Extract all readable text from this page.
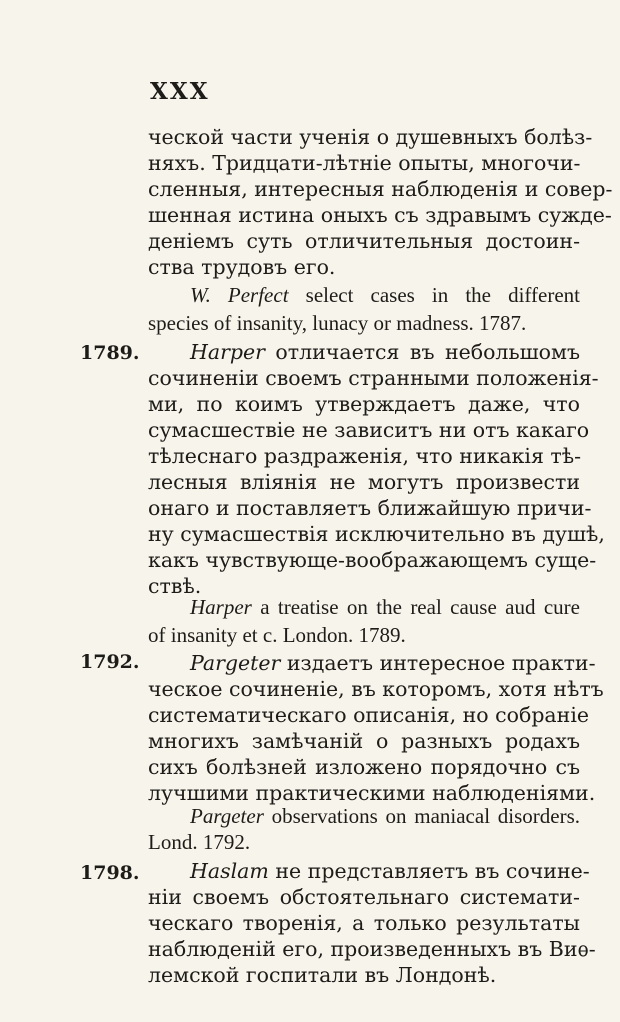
XXX
ческой части ученія о душевныхъ болѣз-
няхъ. Тридцати-лѣтніе опыты, многочи-
сленныя, интересныя наблюденія и совер-
шенная истина оныхъ съ здравымъ сужде-
деніемъ суть отличительныя достоин-
ства трудовъ его.
W. Perfect select cases in the different
species of insanity, lunacy or madness. 1787.
1789.	Harper отличается въ небольшомъ
сочиненіи своемъ странными положенія-
ми, по коимъ утверждаетъ даже, что
сумасшествіе не зависитъ ни отъ какаго
тѣлеснаго раздраженія, что никакія тѣ-
лесныя вліянія не могутъ произвести
онаго и поставляетъ ближайшую причи-
ну сумасшествія исключительно въ душѣ,
какъ чувствующе-воображающемъ суще-
ствѣ.
Harper a treatise on the real cause aud cure
of insanity et c. London. 1789.
1792.	Pargeter издаетъ интересное практи-
ческое сочиненіе, въ которомъ, хотя нѣтъ
систематическаго описанія, но собраніе
многихъ замѣчаній о разныхъ родахъ
сихъ болѣзней изложено порядочно съ
лучшими практическими наблюденіями.
Pargeter observations on maniacal disorders.
Lond. 1792.
1798.	Haslam не представляетъ въ сочине-
ніи своемъ обстоятельнаго системати-
ческаго творенія, а только результаты
наблюденій его, произведенныхъ въ Виѳ-
лемской госпитали въ Лондонѣ.
